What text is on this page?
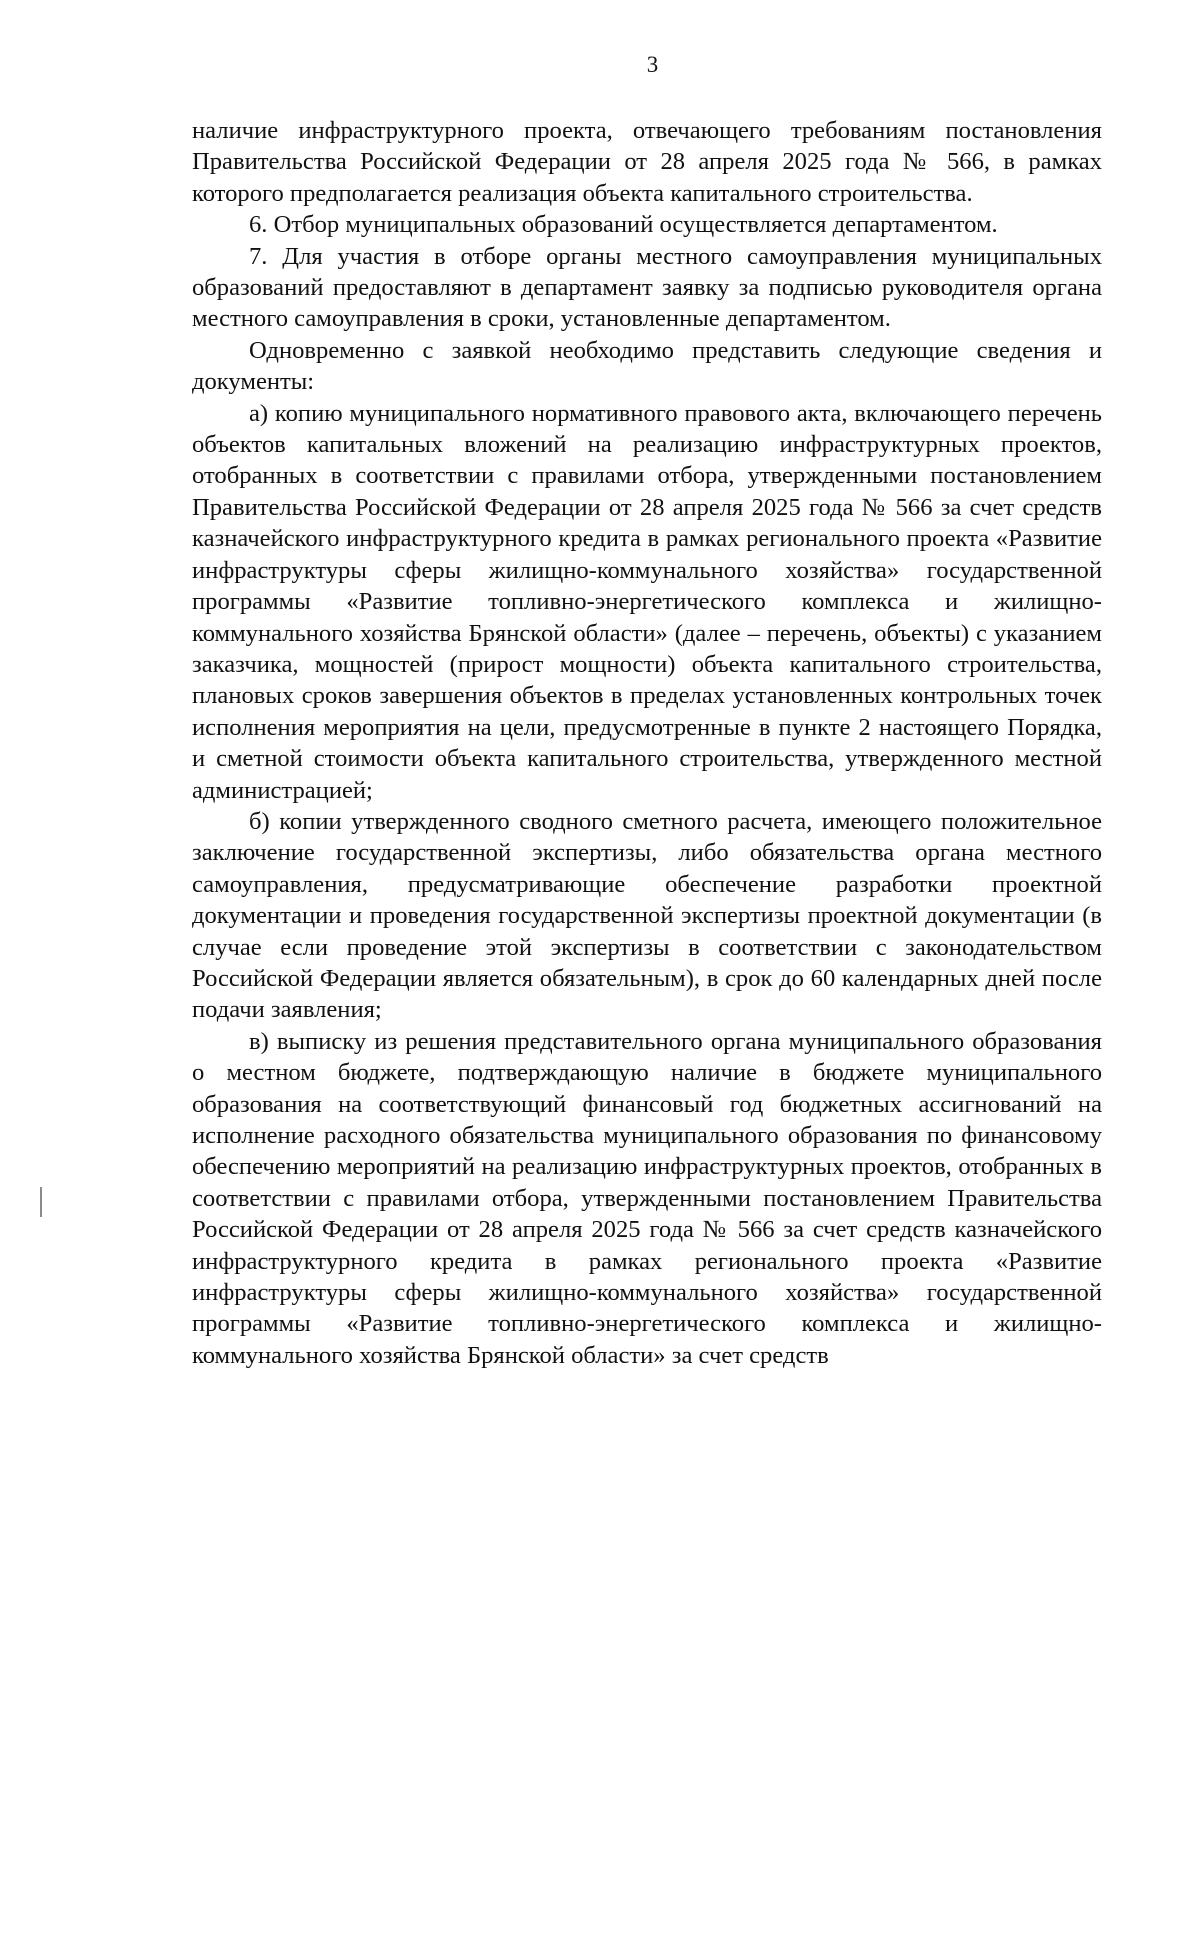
3

наличие инфраструктурного проекта, отвечающего требованиям постановления Правительства Российской Федерации от 28 апреля 2025 года № 566, в рамках которого предполагается реализация объекта капитального строительства.

6. Отбор муниципальных образований осуществляется департаментом.

7. Для участия в отборе органы местного самоуправления муниципальных образований предоставляют в департамент заявку за подписью руководителя органа местного самоуправления в сроки, установленные департаментом.

Одновременно с заявкой необходимо представить следующие сведения и документы:

а) копию муниципального нормативного правового акта, включающего перечень объектов капитальных вложений на реализацию инфраструктурных проектов, отобранных в соответствии с правилами отбора, утвержденными постановлением Правительства Российской Федерации от 28 апреля 2025 года № 566 за счет средств казначейского инфраструктурного кредита в рамках регионального проекта «Развитие инфраструктуры сферы жилищно-коммунального хозяйства» государственной программы «Развитие топливно-энергетического комплекса и жилищно-коммунального хозяйства Брянской области» (далее – перечень, объекты) с указанием заказчика, мощностей (прирост мощности) объекта капитального строительства, плановых сроков завершения объектов в пределах установленных контрольных точек исполнения мероприятия на цели, предусмотренные в пункте 2 настоящего Порядка, и сметной стоимости объекта капитального строительства, утвержденного местной администрацией;

б) копии утвержденного сводного сметного расчета, имеющего положительное заключение государственной экспертизы, либо обязательства органа местного самоуправления, предусматривающие обеспечение разработки проектной документации и проведения государственной экспертизы проектной документации (в случае если проведение этой экспертизы в соответствии с законодательством Российской Федерации является обязательным), в срок до 60 календарных дней после подачи заявления;

в) выписку из решения представительного органа муниципального образования о местном бюджете, подтверждающую наличие в бюджете муниципального образования на соответствующий финансовый год бюджетных ассигнований на исполнение расходного обязательства муниципального образования по финансовому обеспечению мероприятий на реализацию инфраструктурных проектов, отобранных в соответствии с правилами отбора, утвержденными постановлением Правительства Российской Федерации от 28 апреля 2025 года № 566 за счет средств казначейского инфраструктурного кредита в рамках регионального проекта «Развитие инфраструктуры сферы жилищно-коммунального хозяйства» государственной программы «Развитие топливно-энергетического комплекса и жилищно-коммунального хозяйства Брянской области» за счет средств
